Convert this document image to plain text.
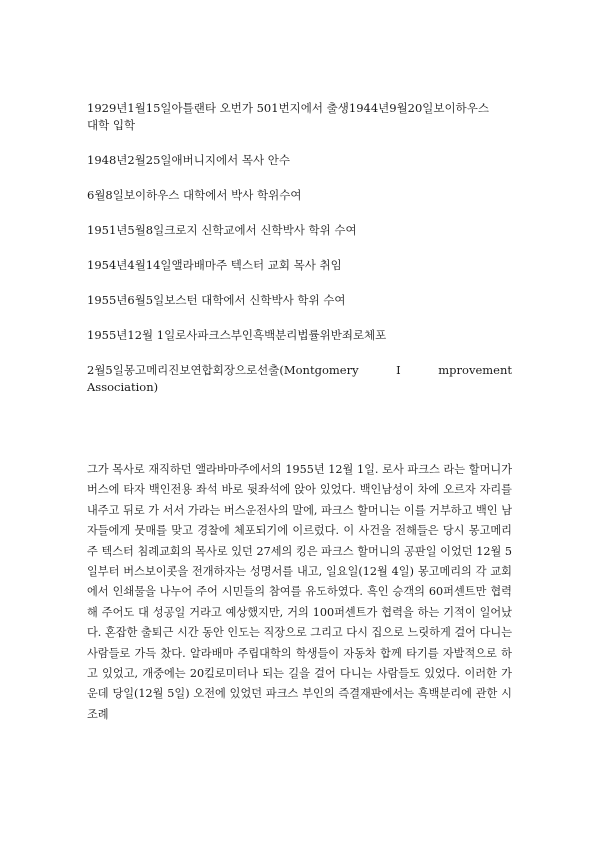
1929년1월15일아틀랜타 오번가 501번지에서 출생1944년9월20일보이하우스 대학 입학
1948년2월25일애버니지에서 목사 안수
6월8일보이하우스 대학에서 박사 학위수여
1951년5월8일크로지 신학교에서 신학박사 학위 수여
1954년4월14일앨라배마주 텍스터 교회 목사 취임
1955년6월5일보스턴 대학에서 신학박사 학위 수여
1955년12월 1일로사파크스부인흑백분리법률위반죄로체포
2월5일몽고메리진보연합회장으로선출(Montgomery I mprovement Association)

그가 목사로 재직하던 앨라바마주에서의 1955년 12월 1일. 로사 파크스 라는 할머니가 버스에 타자 백인전용 좌석 바로 뒷좌석에 앉아 있었다. 백인남성이 차에 오르자 자리를 내주고 뒤로 가 서서 가라는 버스운전사의 말에, 파크스 할머니는 이를 거부하고 백인 남자들에게 뭇매를 맞고 경찰에 체포되기에 이르렀다. 이 사건을 전해들은 당시 몽고메리주 텍스터 침례교회의 목사로 있던 27세의 킹은 파크스 할머니의 공판일 이었던 12월 5일부터 버스보이콧을 전개하자는 성명서를 내고, 일요일(12월 4일) 몽고메리의 각 교회에서 인쇄물을 나누어 주어 시민들의 참여를 유도하였다. 흑인 승객의 60퍼센트만 협력해 주어도 대 성공일 거라고 예상했지만, 거의 100퍼센트가 협력을 하는 기적이 일어났다. 혼잡한 출퇴근 시간 동안 인도는 직장으로 그리고 다시 집으로 느릿하게 걸어 다니는 사람들로 가득 찼다. 알라배마 주립대학의 학생들이 자동차 합께 타기를 자발적으로 하고 있었고, 개중에는 20킬로미터나 되는 길을 걸어 다니는 사람들도 있었다. 이러한 가운데 당일(12월 5일) 오전에 있었던 파크스 부인의 즉결재판에서는 흑백분리에 관한 시 조례
